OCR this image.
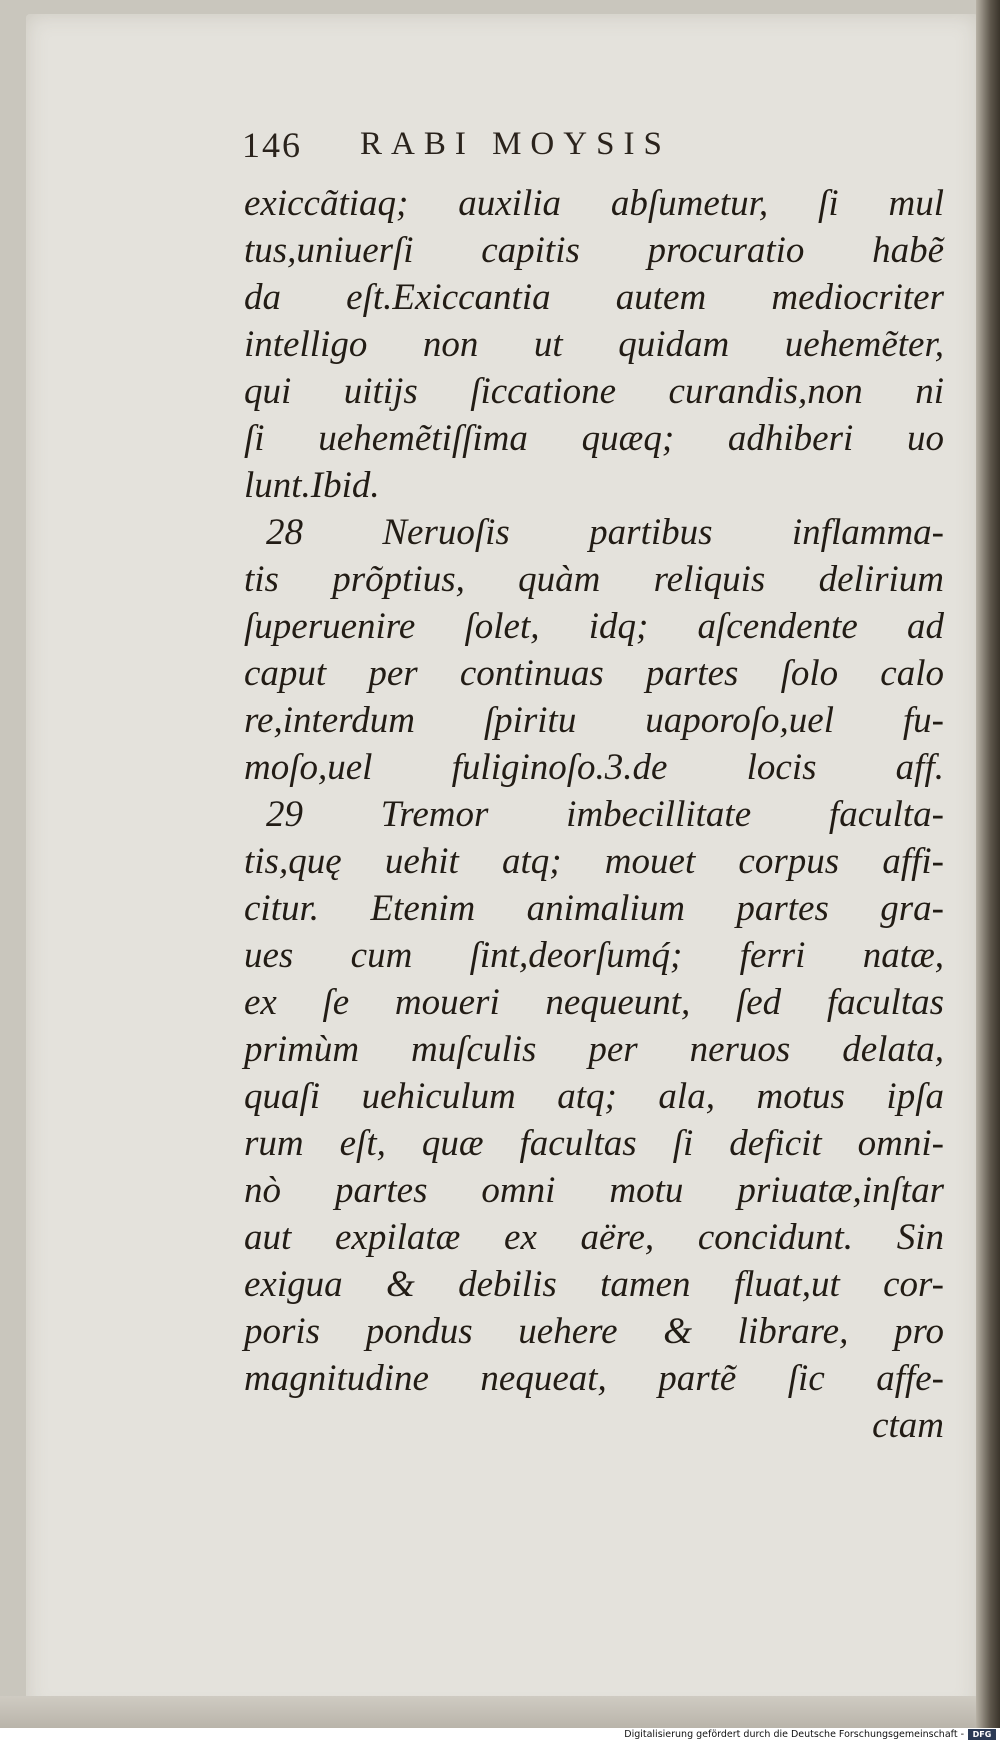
146 RABI MOYSIS
exiccãtiaq; auxilia abſumetur, ſi mul
tus,uniuerſi capitis procuratio habẽ
da eſt.Exiccantia autem mediocriter
intelligo non ut quidam uehemẽter,
qui uitijs ſiccatione curandis,non ni
ſi uehemẽtiſſima quæq; adhiberi uo
lunt.Ibid.
28 Neruoſis partibus inflamma-
tis prõptius, quàm reliquis delirium
ſuperuenire ſolet, idq; aſcendente ad
caput per continuas partes ſolo calo
re,interdum ſpiritu uaporoſo,uel fu-
moſo,uel fuliginoſo.3.de locis aff.
29 Tremor imbecillitate faculta-
tis,quę uehit atq; mouet corpus affi-
citur. Etenim animalium partes gra-
ues cum ſint,deorſumq́; ferri natæ,
ex ſe moueri nequeunt, ſed facultas
primùm muſculis per neruos delata,
quaſi uehiculum atq; ala, motus ipſa
rum eſt, quæ facultas ſi deficit omni-
nò partes omni motu priuatæ,inſtar
aut expilatæ ex aëre, concidunt. Sin
exigua & debilis tamen fluat,ut cor-
poris pondus uehere & librare, pro
magnitudine nequeat, partẽ ſic affe-
ctam
Digitalisierung gefördert durch die Deutsche Forschungsgemeinschaft -	DFG
